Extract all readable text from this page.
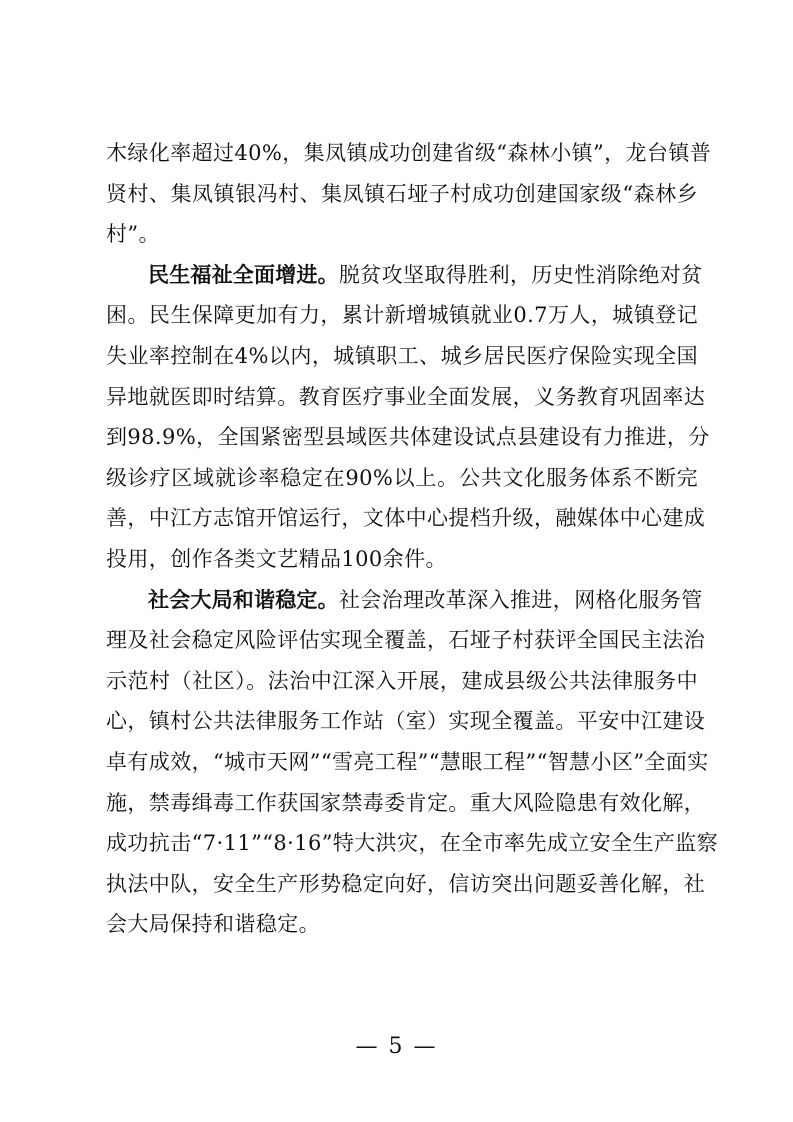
木绿化率超过40%，集凤镇成功创建省级“森林小镇”，龙台镇普
贤村、集凤镇银冯村、集凤镇石垭子村成功创建国家级“森林乡
村”。
民生福祉全面增进。脱贫攻坚取得胜利，历史性消除绝对贫
困。民生保障更加有力，累计新增城镇就业0.7万人，城镇登记
失业率控制在4%以内，城镇职工、城乡居民医疗保险实现全国
异地就医即时结算。教育医疗事业全面发展，义务教育巩固率达
到98.9%，全国紧密型县域医共体建设试点县建设有力推进，分
级诊疗区域就诊率稳定在90%以上。公共文化服务体系不断完
善，中江方志馆开馆运行，文体中心提档升级，融媒体中心建成
投用，创作各类文艺精品100余件。
社会大局和谐稳定。社会治理改革深入推进，网格化服务管
理及社会稳定风险评估实现全覆盖，石垭子村获评全国民主法治
示范村（社区）。法治中江深入开展，建成县级公共法律服务中
心，镇村公共法律服务工作站（室）实现全覆盖。平安中江建设
卓有成效，“城市天网”“雪亮工程”“慧眼工程”“智慧小区”全面实
施，禁毒缉毒工作获国家禁毒委肯定。重大风险隐患有效化解，
成功抗击“7·11”“8·16”特大洪灾，在全市率先成立安全生产监察
执法中队，安全生产形势稳定向好，信访突出问题妥善化解，社
会大局保持和谐稳定。
— 5 —
